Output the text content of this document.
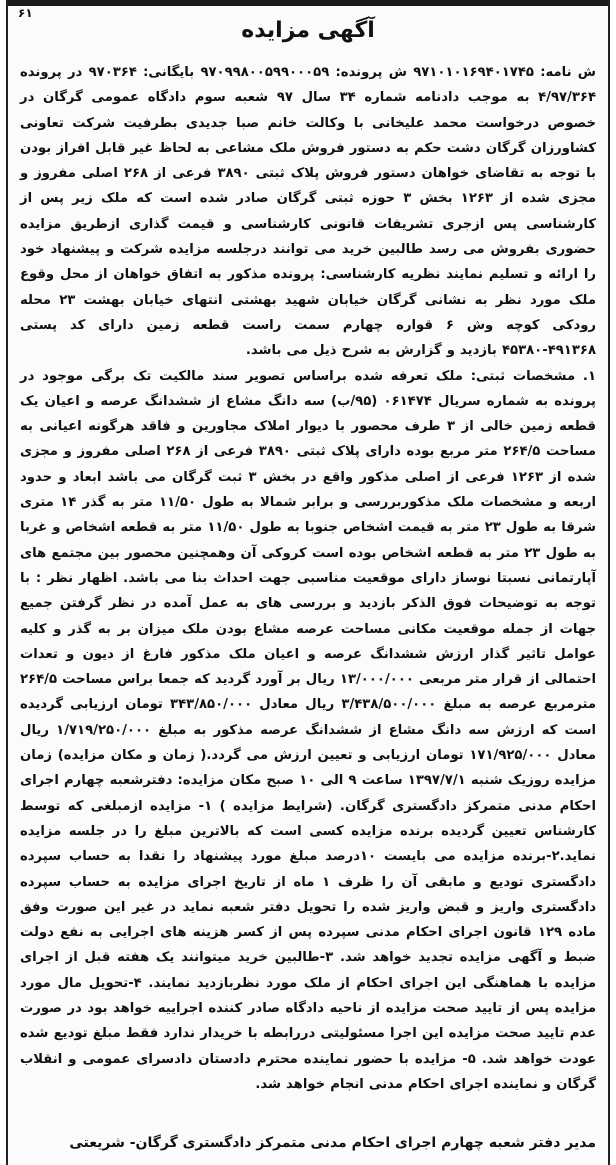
۶۱
آگهی مزایده

ش نامه: ۹۷۱۰۱۰۱۶۹۴۰۱۷۴۵ ش پرونده: ۹۷۰۹۹۸۰۰۵۹۹۰۰۰۵۹ بایگانی: ۹۷۰۳۶۴ در پرونده ۴/۹۷/۳۶۴ به موجب دادنامه شماره ۳۴ سال ۹۷ شعبه سوم دادگاه عمومی گرگان در خصوص درخواست محمد علیخانی با وکالت خانم صبا جدیدی بطرفیت شرکت تعاونی کشاورزان گرگان دشت حکم به دستور فروش ملک مشاعی به لحاظ غیر قابل افراز بودن با توجه به تقاضای خواهان دستور فروش پلاک ثبتی ۳۸۹۰ فرعی از ۲۶۸ اصلی مفروز و مجزی شده از ۱۲۶۳ بخش ۳ حوزه ثبتی گرگان صادر شده است که ملک زیر پس از کارشناسی پس ازجری تشریفات قانونی کارشناسی و قیمت گذاری ازطریق مزایده حضوری بفروش می رسد طالبین خرید می توانند درجلسه مزایده شرکت و پیشنهاد خود را ارائه و تسلیم نمایند نظریه کارشناسی: پرونده مذکور به اتفاق خواهان از محل وقوع ملک مورد نظر به نشانی گرگان خیابان شهید بهشتی انتهای خیابان بهشت ۲۳ محله رودکی کوچه وش ۶ قواره چهارم سمت راست قطعه زمین دارای کد پستی ۴۹۱۳۶۸-۴۵۳۸۰ بازدید و گزارش به شرح ذیل می باشد.

۱. مشخصات ثبتی: ملک تعرفه شده براساس تصویر سند مالکیت تک برگی موجود در پرونده به شماره سریال ۰۶۱۴۷۴ (۹۵/ب) سه دانگ مشاع از ششدانگ عرصه و اعیان یک قطعه زمین خالی از ۳ طرف محصور با دیوار املاک مجاورین و فاقد هرگونه اعیانی به مساحت ۲۶۴/۵ متر مربع بوده دارای پلاک ثبتی ۳۸۹۰ فرعی از ۲۶۸ اصلی مفروز و مجزی شده از ۱۲۶۳ فرعی از اصلی مذکور واقع در بخش ۳ ثبت گرگان می باشد ابعاد و حدود اربعه و مشخصات ملک مذکوربررسی و برابر شمالا به طول ۱۱/۵۰ متر به گذر ۱۴ متری شرقا به طول ۲۳ متر به قیمت اشخاص جنوبا به طول ۱۱/۵۰ متر به قطعه اشخاص و غربا به طول ۲۳ متر به قطعه اشخاص بوده است کروکی آن وهمچنین محصور بین مجتمع های آپارتمانی نسبتا نوساز دارای موقعیت مناسبی جهت احداث بنا می باشد. اظهار نظر : با توجه به توضیحات فوق الذکر بازدید و بررسی های به عمل آمده در نظر گرفتن جمیع جهات از جمله موقعیت مکانی مساحت عرصه مشاع بودن ملک میزان بر به گذر و کلیه عوامل تاثیر گذار ارزش ششدانگ عرصه و اعیان ملک مذکور فارغ از دیون و تعدات احتمالی از قرار متر مربعی ۱۳/۰۰۰/۰۰۰ ریال بر آورد گردید که جمعا براس مساحت ۲۶۴/۵ مترمربع عرصه به مبلغ ۳/۴۳۸/۵۰۰/۰۰۰ ریال معادل ۳۴۳/۸۵۰/۰۰۰ تومان ارزیابی گردیده است که ارزش سه دانگ مشاع از ششدانگ عرصه مذکور به مبلغ ۱/۷۱۹/۲۵۰/۰۰۰ ریال معادل ۱۷۱/۹۲۵/۰۰۰ تومان ارزیابی و تعیین ارزش می گردد.( زمان و مکان مزایده) زمان مزایده روزیک شنبه ۱۳۹۷/۷/۱ ساعت ۹ الی ۱۰ صبح مکان مزایده: دفترشعبه چهارم اجرای احکام مدنی متمرکز دادگستری گرگان. (شرایط مزایده ) ۱- مزایده ازمبلغی که توسط کارشناس تعیین گردیده برنده مزایده کسی است که بالاترین مبلغ را در جلسه مزایده نماید.۲-برنده مزایده می بایست ۱۰درصد مبلغ مورد پیشنهاد را نقدا به حساب سپرده دادگستری تودیع و مابقی آن را ظرف ۱ ماه از تاریخ اجرای مزایده به حساب سپرده دادگستری واریز و قبض واریز شده را تحویل دفتر شعبه نماید در غیر این صورت وفق ماده ۱۲۹ قانون اجرای احکام مدنی سپرده پس از کسر هزینه های اجرایی به نفع دولت ضبط و آگهی مزایده تجدید خواهد شد. ۳-طالبین خرید میتوانند یک هفته قبل از اجرای مزایده با هماهنگی این اجرای احکام از ملک مورد نظربازدید نمایند. ۴-تحویل مال مورد مزایده پس از تایید صحت مزایده از ناحیه دادگاه صادر کننده اجراییه خواهد بود در صورت عدم تایید صحت مزایده این اجرا مسئولیتی دررابطه با خریدار ندارد فقط مبلغ تودیع شده عودت خواهد شد. ۵- مزایده با حضور نماینده محترم دادستان دادسرای عمومی و انقلاب گرگان و نماینده اجرای احکام مدنی انجام خواهد شد.

مدیر دفتر شعبه چهارم اجرای احکام مدنی متمرکز دادگستری گرگان- شریعتی
